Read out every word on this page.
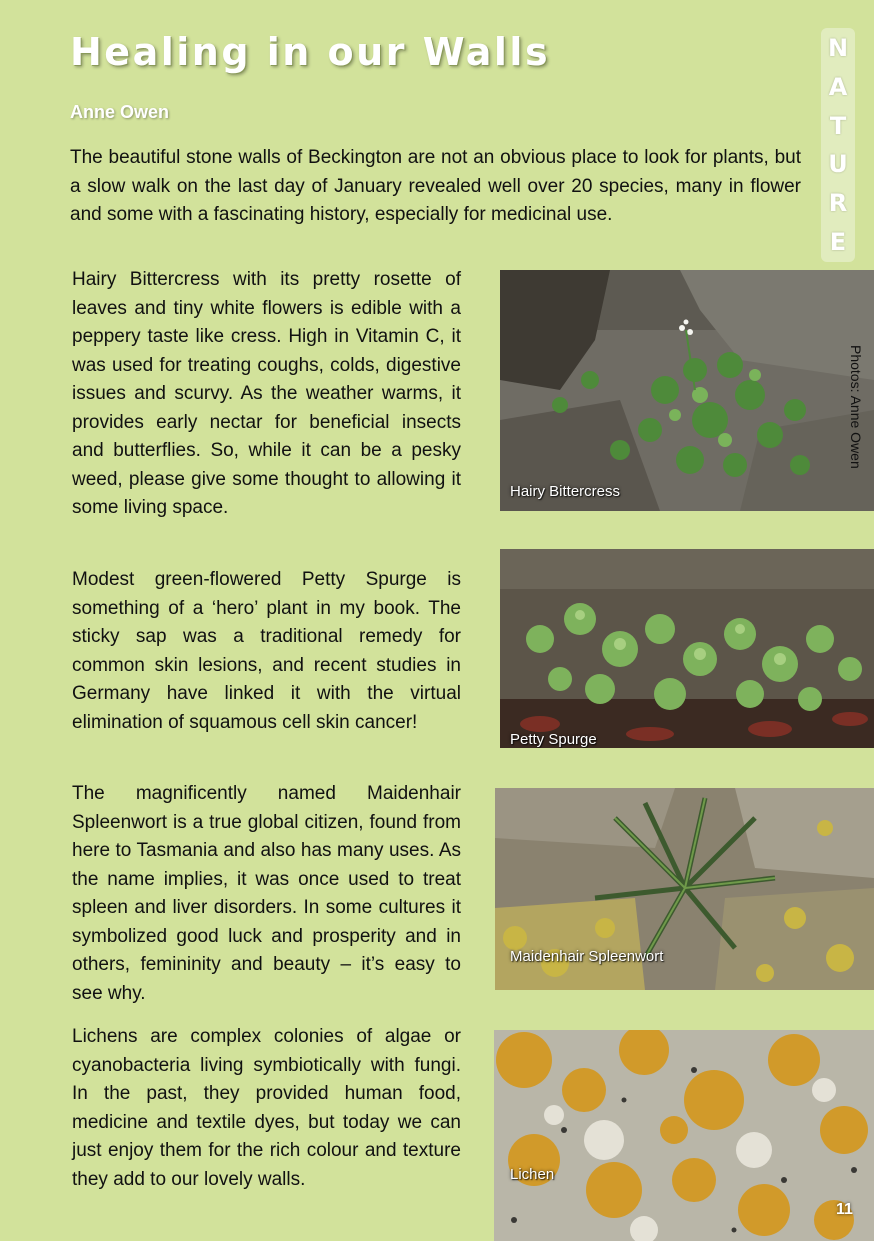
Healing in our Walls
Anne Owen
N
A
T
U
R
E

The beautiful stone walls of Beckington are not an obvious place to look for plants, but a slow walk on the last day of January revealed well over 20 species, many in flower and some with a fascinating history, especially for medicinal use.

Hairy Bittercress with its pretty rosette of leaves and tiny white flowers is edible with a peppery taste like cress. High in Vitamin C, it was used for treating coughs, colds, digestive issues and scurvy. As the weather warms, it provides early nectar for beneficial insects and butterflies. So, while it can be a pesky weed, please give some thought to allowing it some living space.

Modest green-flowered Petty Spurge is something of a ‘hero’ plant in my book. The sticky sap was a traditional remedy for common skin lesions, and recent studies in Germany have linked it with the virtual elimination of squamous cell skin cancer!

The magnificently named Maidenhair Spleenwort is a true global citizen, found from here to Tasmania and also has many uses. As the name implies, it was once used to treat spleen and liver disorders. In some cultures it symbolized good luck and prosperity and in others, femininity and beauty – it’s easy to see why.

Lichens are complex colonies of algae or cyanobacteria living symbiotically with fungi. In the past, they provided human food, medicine and textile dyes, but today we can just enjoy them for the rich colour and texture they add to our lovely walls.

Hairy Bittercress
Petty Spurge
Maidenhair Spleenwort
Lichen
Photos: Anne Owen
11
